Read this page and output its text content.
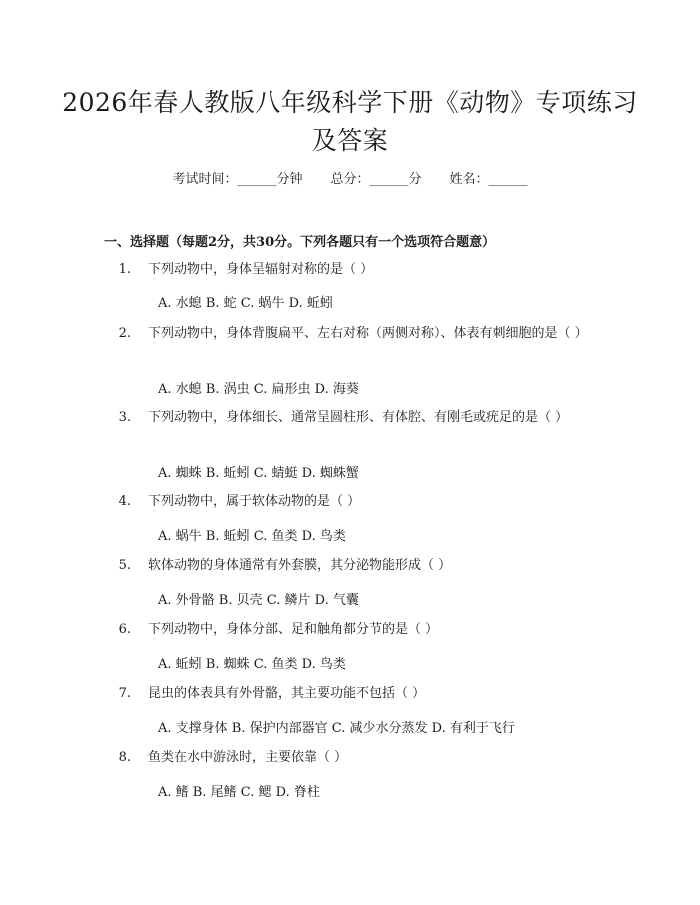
2026年春人教版八年级科学下册《动物》专项练习及答案
考试时间：______分钟 总分：______分 姓名：______
一、选择题（每题2分，共30分。下列各题只有一个选项符合题意）
1. 下列动物中，身体呈辐射对称的是（ ）
A. 水螅 B. 蛇 C. 蜗牛 D. 蚯蚓
2. 下列动物中，身体背腹扁平、左右对称（两侧对称）、体表有刺细胞的是（ ）
A. 水螅 B. 涡虫 C. 扁形虫 D. 海葵
3. 下列动物中，身体细长、通常呈圆柱形、有体腔、有刚毛或疣足的是（ ）
A. 蜘蛛 B. 蚯蚓 C. 蜻蜓 D. 蜘蛛蟹
4. 下列动物中，属于软体动物的是（ ）
A. 蜗牛 B. 蚯蚓 C. 鱼类 D. 鸟类
5. 软体动物的身体通常有外套膜，其分泌物能形成（ ）
A. 外骨骼 B. 贝壳 C. 鳞片 D. 气囊
6. 下列动物中，身体分部、足和触角都分节的是（ ）
A. 蚯蚓 B. 蜘蛛 C. 鱼类 D. 鸟类
7. 昆虫的体表具有外骨骼，其主要功能不包括（ ）
A. 支撑身体 B. 保护内部器官 C. 减少水分蒸发 D. 有利于飞行
8. 鱼类在水中游泳时，主要依靠（ ）
A. 鳍 B. 尾鳍 C. 鳃 D. 脊柱
